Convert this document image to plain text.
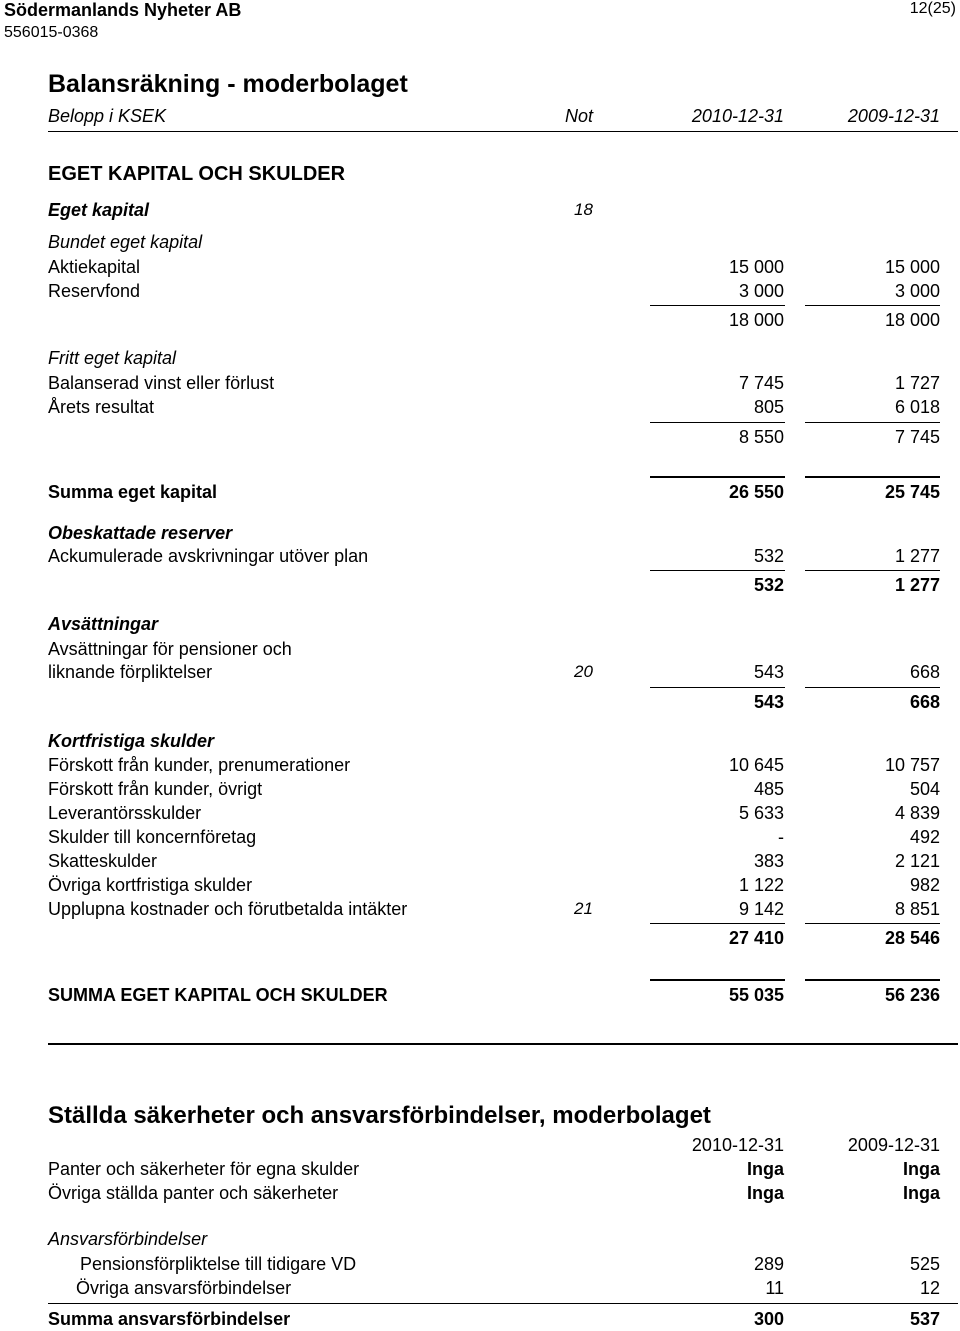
Södermanlands Nyheter AB
556015-0368
12(25)
Balansräkning - moderbolaget
Belopp i KSEK	Not	2010-12-31	2009-12-31
EGET KAPITAL OCH SKULDER
Eget kapital	18
Bundet eget kapital
Aktiekapital	15 000	15 000
Reservfond	3 000	3 000
18 000	18 000
Fritt eget kapital
Balanserad vinst eller förlust	7 745	1 727
Årets resultat	805	6 018
8 550	7 745
Summa eget kapital	26 550	25 745
Obeskattade reserver
Ackumulerade avskrivningar utöver plan	532	1 277
532	1 277
Avsättningar
Avsättningar för pensioner och
liknande förpliktelser	20	543	668
543	668
Kortfristiga skulder
Förskott från kunder, prenumerationer	10 645	10 757
Förskott från kunder, övrigt	485	504
Leverantörsskulder	5 633	4 839
Skulder till koncernföretag	-	492
Skatteskulder	383	2 121
Övriga kortfristiga skulder	1 122	982
Upplupna kostnader och förutbetalda intäkter	21	9 142	8 851
27 410	28 546
SUMMA EGET KAPITAL OCH SKULDER	55 035	56 236
Ställda säkerheter och ansvarsförbindelser, moderbolaget
2010-12-31	2009-12-31
Panter och säkerheter för egna skulder	Inga	Inga
Övriga ställda panter och säkerheter	Inga	Inga
Ansvarsförbindelser
Pensionsförpliktelse till tidigare VD	289	525
Övriga ansvarsförbindelser	11	12
Summa ansvarsförbindelser	300	537
